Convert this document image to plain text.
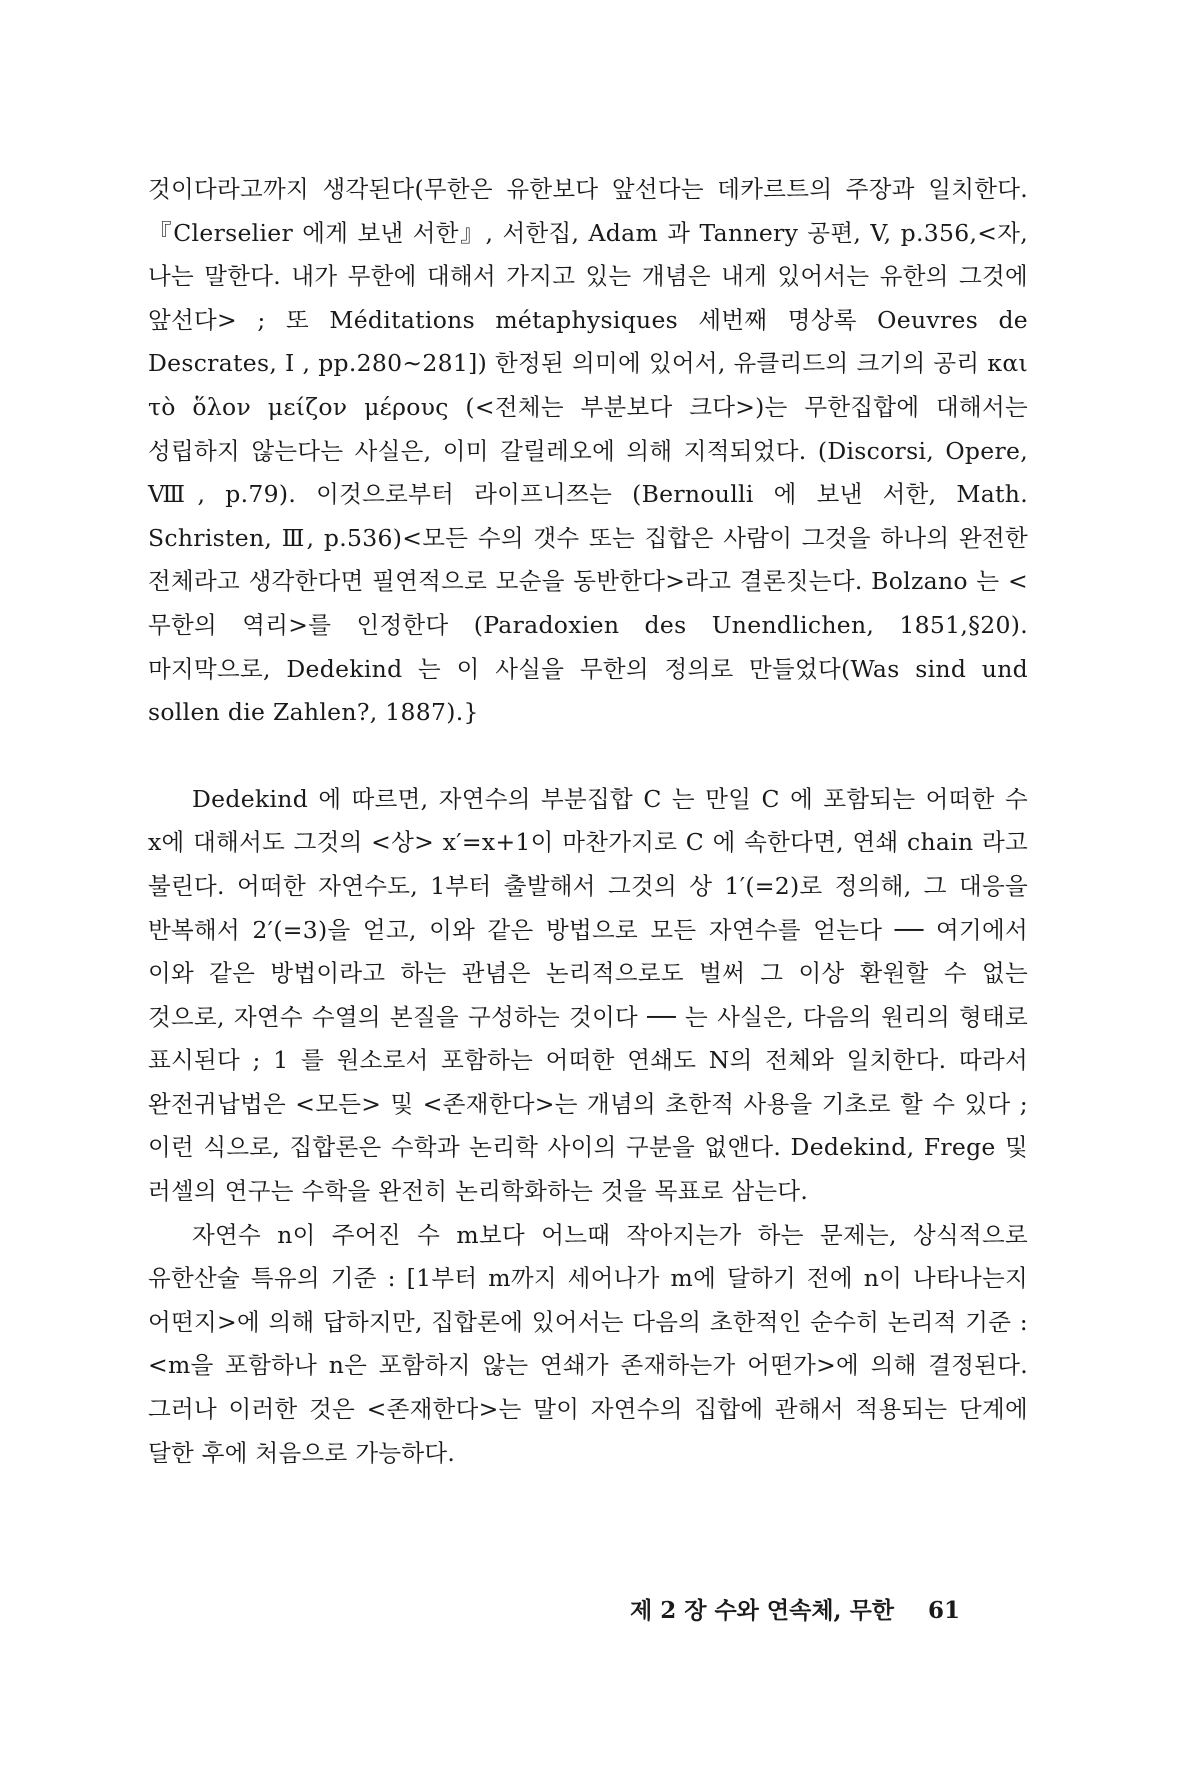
것이다라고까지 생각된다(무한은 유한보다 앞선다는 데카르트의 주장과 일치한다. 『Clerselier 에게 보낸 서한』, 서한집, Adam 과 Tannery 공편, V, p.356,<자, 나는 말한다. 내가 무한에 대해서 가지고 있는 개념은 내게 있어서는 유한의 그것에 앞선다> ; 또 Méditations métaphysiques 세번째 명상록 Oeuvres de Descrates, I , pp.280∼281]) 한정된 의미에 있어서, 유클리드의 크기의 공리 και τὸ ὅλον μείζον μέρους (<전체는 부분보다 크다>)는 무한집합에 대해서는 성립하지 않는다는 사실은, 이미 갈릴레오에 의해 지적되었다. (Discorsi, Opere, Ⅷ, p.79). 이것으로부터 라이프니쯔는 (Bernoulli 에 보낸 서한, Math. Schristen, Ⅲ, p.536)<모든 수의 갯수 또는 집합은 사람이 그것을 하나의 완전한 전체라고 생각한다면 필연적으로 모순을 동반한다>라고 결론짓는다. Bolzano 는 <무한의 역리>를 인정한다 (Paradoxien des Unendlichen, 1851,§20). 마지막으로, Dedekind 는 이 사실을 무한의 정의로 만들었다(Was sind und sollen die Zahlen?, 1887).}

Dedekind 에 따르면, 자연수의 부분집합 C 는 만일 C 에 포함되는 어떠한 수 x에 대해서도 그것의 <상> x′=x+1이 마찬가지로 C 에 속한다면, 연쇄 chain 라고 불린다. 어떠한 자연수도, 1부터 출발해서 그것의 상 1′(=2)로 정의해, 그 대응을 반복해서 2′(=3)을 얻고, 이와 같은 방법으로 모든 자연수를 얻는다 ── 여기에서 이와 같은 방법이라고 하는 관념은 논리적으로도 벌써 그 이상 환원할 수 없는 것으로, 자연수 수열의 본질을 구성하는 것이다 ── 는 사실은, 다음의 원리의 형태로 표시된다 ; 1 를 원소로서 포함하는 어떠한 연쇄도 N의 전체와 일치한다. 따라서 완전귀납법은 <모든> 및 <존재한다>는 개념의 초한적 사용을 기초로 할 수 있다 ; 이런 식으로, 집합론은 수학과 논리학 사이의 구분을 없앤다. Dedekind, Frege 및 러셀의 연구는 수학을 완전히 논리학화하는 것을 목표로 삼는다.

자연수 n이 주어진 수 m보다 어느때 작아지는가 하는 문제는, 상식적으로 유한산술 특유의 기준 : [1부터 m까지 세어나가 m에 달하기 전에 n이 나타나는지 어떤지>에 의해 답하지만, 집합론에 있어서는 다음의 초한적인 순수히 논리적 기준 : <m을 포함하나 n은 포함하지 않는 연쇄가 존재하는가 어떤가>에 의해 결정된다. 그러나 이러한 것은 <존재한다>는 말이 자연수의 집합에 관해서 적용되는 단계에 달한 후에 처음으로 가능하다.

제 2 장 수와 연속체, 무한 61
